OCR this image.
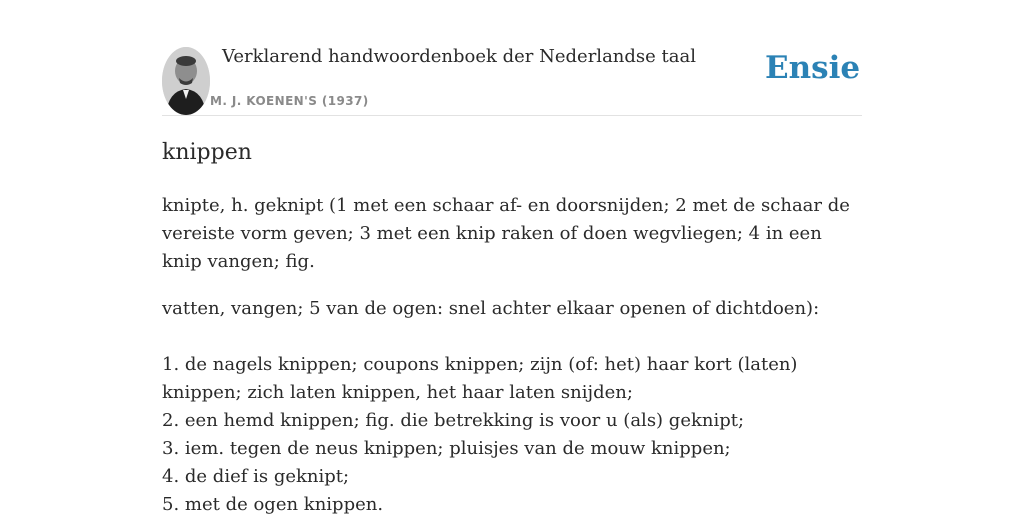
Verklarend handwoordenboek der Nederlandse taal
M. J. KOENEN'S (1937)
Ensie
knippen

knipte, h. geknipt (1 met een schaar af- en doorsnijden; 2 met de schaar de vereiste vorm geven; 3 met een knip raken of doen wegvliegen; 4 in een knip vangen; fig.

vatten, vangen; 5 van de ogen: snel achter elkaar openen of dichtdoen):

1. de nagels knippen; coupons knippen; zijn (of: het) haar kort (laten) knippen; zich laten knippen, het haar laten snijden;
2. een hemd knippen; fig. die betrekking is voor u (als) geknipt;
3. iem. tegen de neus knippen; pluisjes van de mouw knippen;
4. de dief is geknipt;
5. met de ogen knippen.
